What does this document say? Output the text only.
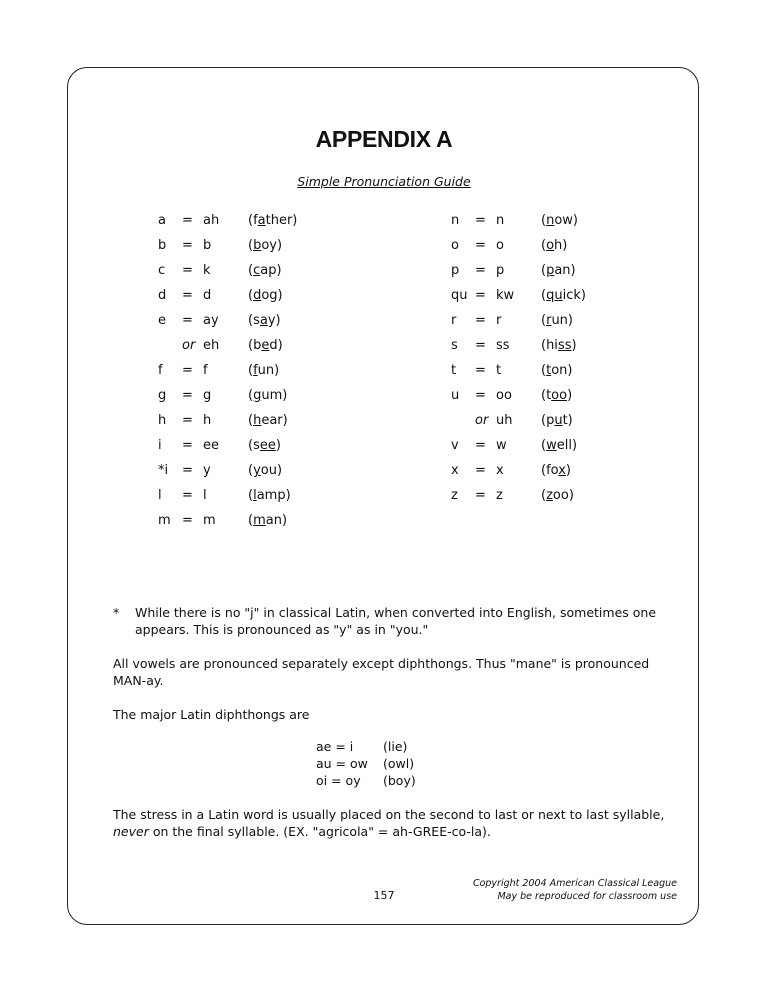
APPENDIX A
Simple Pronunciation Guide
a = ah (father)
b = b	(boy)
c = k	(cap)
d = d	(dog)
e = ay (say)
or eh (bed)
f = f	(fun)
g = g	(gum)
h = h	(hear)
i = ee (see)
*i = y	(you)
l = l	(lamp)
m = m (man)
n = n	(now)
o = o	(oh)
p = p	(pan)
qu = kw (quick)
r = r	(run)
s = ss (hiss)
t = t	(ton)
u = oo (too)
or uh (put)
v = w	(well)
x = x	(fox)
z = z	(zoo)
* While there is no "j" in classical Latin, when converted into English, sometimes one appears. This is pronounced as "y" as in "you."
All vowels are pronounced separately except diphthongs. Thus "mane" is pronounced MAN-ay.
The major Latin diphthongs are
ae = i (lie)
au = ow (owl)
oi = oy (boy)
The stress in a Latin word is usually placed on the second to last or next to last syllable,
never on the final syllable. (EX. "agricola" = ah-GREE-co-la).
Copyright 2004 American Classical League
May be reproduced for classroom use
157
